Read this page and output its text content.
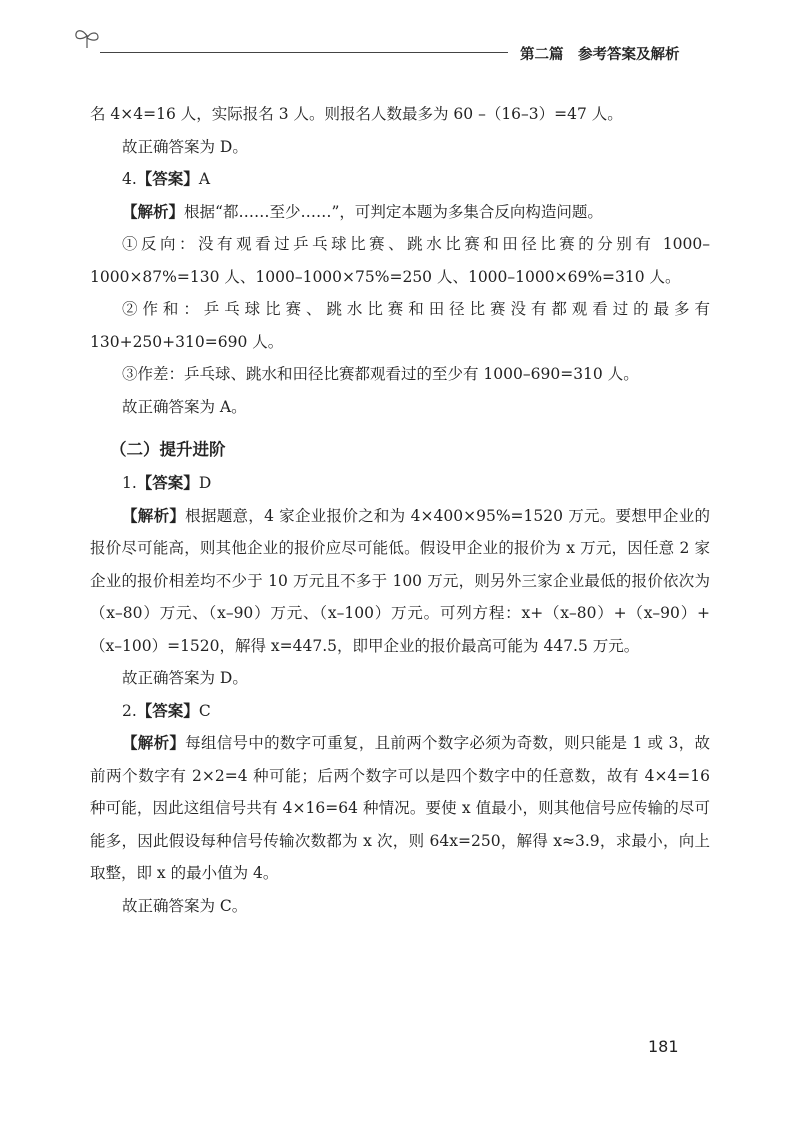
第二篇　参考答案及解析

名 4×4=16 人，实际报名 3 人。则报名人数最多为 60 –（16–3）=47 人。

故正确答案为 D。

4.【答案】A

【解析】根据“都……至少……”，可判定本题为多集合反向构造问题。

①反向：没有观看过乒乓球比赛、跳水比赛和田径比赛的分别有 1000–1000×87%=130 人、1000–1000×75%=250 人、1000–1000×69%=310 人。

②作和：乒乓球比赛、跳水比赛和田径比赛没有都观看过的最多有 130+250+310=690 人。

③作差：乒乓球、跳水和田径比赛都观看过的至少有 1000–690=310 人。

故正确答案为 A。

（二）提升进阶

1.【答案】D

【解析】根据题意，4 家企业报价之和为 4×400×95%=1520 万元。要想甲企业的报价尽可能高，则其他企业的报价应尽可能低。假设甲企业的报价为 x 万元，因任意 2 家企业的报价相差均不少于 10 万元且不多于 100 万元，则另外三家企业最低的报价依次为（x–80）万元、（x–90）万元、（x–100）万元。可列方程：x+（x–80）+（x–90）+（x–100）=1520，解得 x=447.5，即甲企业的报价最高可能为 447.5 万元。

故正确答案为 D。

2.【答案】C

【解析】每组信号中的数字可重复，且前两个数字必须为奇数，则只能是 1 或 3，故前两个数字有 2×2=4 种可能；后两个数字可以是四个数字中的任意数，故有 4×4=16 种可能，因此这组信号共有 4×16=64 种情况。要使 x 值最小，则其他信号应传输的尽可能多，因此假设每种信号传输次数都为 x 次，则 64x=250，解得 x≈3.9，求最小，向上取整，即 x 的最小值为 4。

故正确答案为 C。

181
